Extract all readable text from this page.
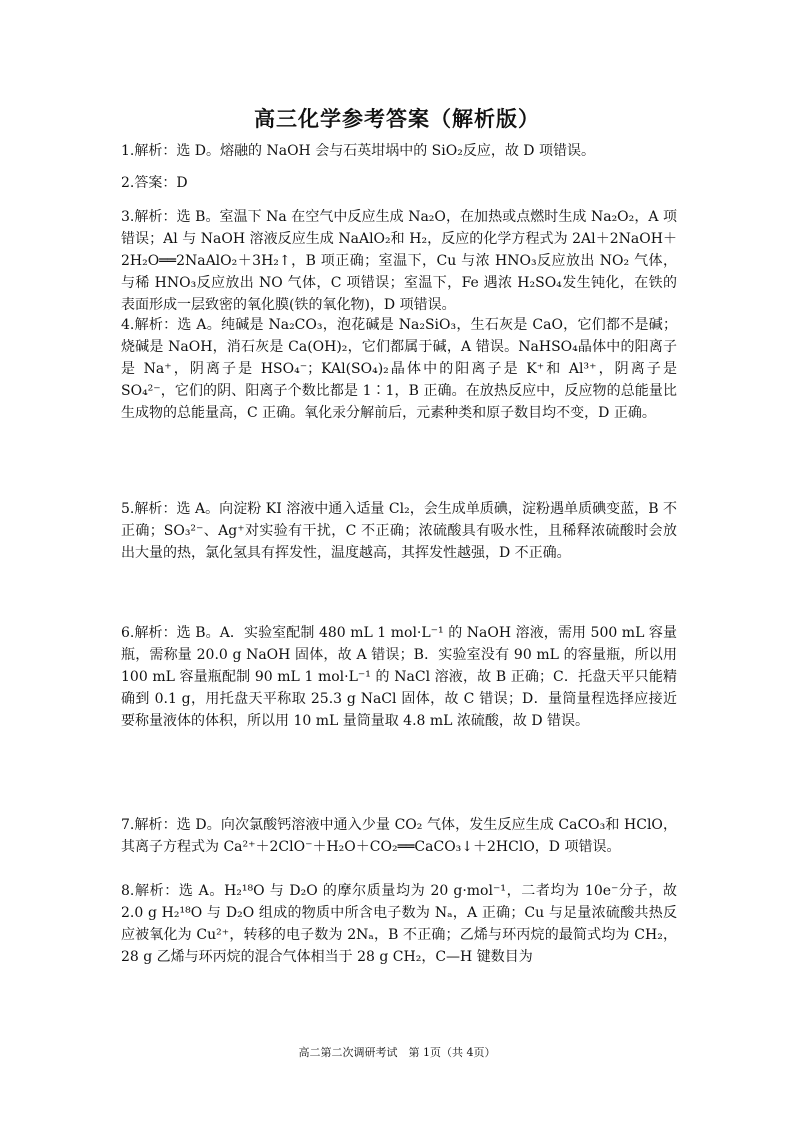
高三化学参考答案（解析版）

1.解析：选 D。熔融的 NaOH 会与石英坩埚中的 SiO₂反应，故 D 项错误。

2.答案：D

3.解析：选 B。室温下 Na 在空气中反应生成 Na₂O，在加热或点燃时生成 Na₂O₂，A 项错误；Al 与 NaOH 溶液反应生成 NaAlO₂和 H₂，反应的化学方程式为 2Al＋2NaOH＋2H₂O══2NaAlO₂＋3H₂↑，B 项正确；室温下，Cu 与浓 HNO₃反应放出 NO₂ 气体，与稀 HNO₃反应放出 NO 气体，C 项错误；室温下，Fe 遇浓 H₂SO₄发生钝化，在铁的表面形成一层致密的氧化膜(铁的氧化物)，D 项错误。

4.解析：选 A。纯碱是 Na₂CO₃，泡花碱是 Na₂SiO₃，生石灰是 CaO，它们都不是碱；烧碱是 NaOH，消石灰是 Ca(OH)₂，它们都属于碱，A 错误。NaHSO₄晶体中的阳离子是 Na⁺，阴离子是 HSO₄⁻；KAl(SO₄)₂晶体中的阳离子是 K⁺和 Al³⁺，阴离子是 SO₄²⁻，它们的阴、阳离子个数比都是 1∶1，B 正确。在放热反应中，反应物的总能量比生成物的总能量高，C 正确。氧化汞分解前后，元素种类和原子数目均不变，D 正确。

5.解析：选 A。向淀粉 KI 溶液中通入适量 Cl₂，会生成单质碘，淀粉遇单质碘变蓝，B 不正确；SO₃²⁻、Ag⁺对实验有干扰，C 不正确；浓硫酸具有吸水性，且稀释浓硫酸时会放出大量的热，氯化氢具有挥发性，温度越高，其挥发性越强，D 不正确。

6.解析：选 B。A．实验室配制 480 mL 1 mol·L⁻¹ 的 NaOH 溶液，需用 500 mL 容量瓶，需称量 20.0 g NaOH 固体，故 A 错误；B．实验室没有 90 mL 的容量瓶，所以用 100 mL 容量瓶配制 90 mL 1 mol·L⁻¹ 的 NaCl 溶液，故 B 正确；C．托盘天平只能精确到 0.1 g，用托盘天平称取 25.3 g NaCl 固体，故 C 错误；D．量筒量程选择应接近要称量液体的体积，所以用 10 mL 量筒量取 4.8 mL 浓硫酸，故 D 错误。

7.解析：选 D。向次氯酸钙溶液中通入少量 CO₂ 气体，发生反应生成 CaCO₃和 HClO，其离子方程式为 Ca²⁺＋2ClO⁻＋H₂O＋CO₂══CaCO₃↓＋2HClO，D 项错误。

8.解析：选 A。H₂¹⁸O 与 D₂O 的摩尔质量均为 20 g·mol⁻¹，二者均为 10e⁻分子，故 2.0 g H₂¹⁸O 与 D₂O 组成的物质中所含电子数为 Nₐ，A 正确；Cu 与足量浓硫酸共热反应被氧化为 Cu²⁺，转移的电子数为 2Nₐ，B 不正确；乙烯与环丙烷的最简式均为 CH₂，28 g 乙烯与环丙烷的混合气体相当于 28 g CH₂，C—H 键数目为

高二第二次调研考试　第 1页（共 4页）
